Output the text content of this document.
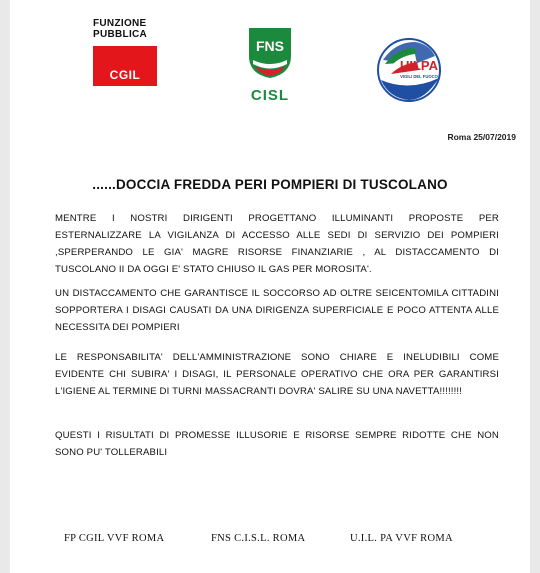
FUNZIONE
PUBBLICA
CGIL
FNS
CISL
UILPA
VIGILI DEL FUOCO
Roma 25/07/2019
......DOCCIA FREDDA PERI POMPIERI DI TUSCOLANO
MENTRE I NOSTRI DIRIGENTI PROGETTANO ILLUMINANTI PROPOSTE PER ESTERNALIZZARE LA VIGILANZA DI ACCESSO ALLE SEDI DI SERVIZIO DEI POMPIERI ,SPERPERANDO LE GIA' MAGRE RISORSE FINANZIARIE , AL DISTACCAMENTO DI TUSCOLANO II DA OGGI E' STATO CHIUSO IL GAS PER MOROSITA'.
UN DISTACCAMENTO CHE GARANTISCE IL SOCCORSO AD OLTRE SEICENTOMILA CITTADINI SOPPORTERA I DISAGI CAUSATI DA UNA DIRIGENZA SUPERFICIALE E POCO ATTENTA ALLE NECESSITA DEI POMPIERI
LE RESPONSABILITA' DELL'AMMINISTRAZIONE SONO CHIARE E INELUDIBILI COME EVIDENTE CHI SUBIRA' I DISAGI, IL PERSONALE OPERATIVO CHE ORA PER GARANTIRSI L'IGIENE AL TERMINE DI TURNI MASSACRANTI DOVRA' SALIRE SU UNA NAVETTA!!!!!!!!
QUESTI I RISULTATI DI PROMESSE ILLUSORIE E RISORSE SEMPRE RIDOTTE CHE NON SONO PU' TOLLERABILI
FP CGIL VVF ROMA	FNS C.I.S.L. ROMA	U.I.L. PA VVF ROMA
